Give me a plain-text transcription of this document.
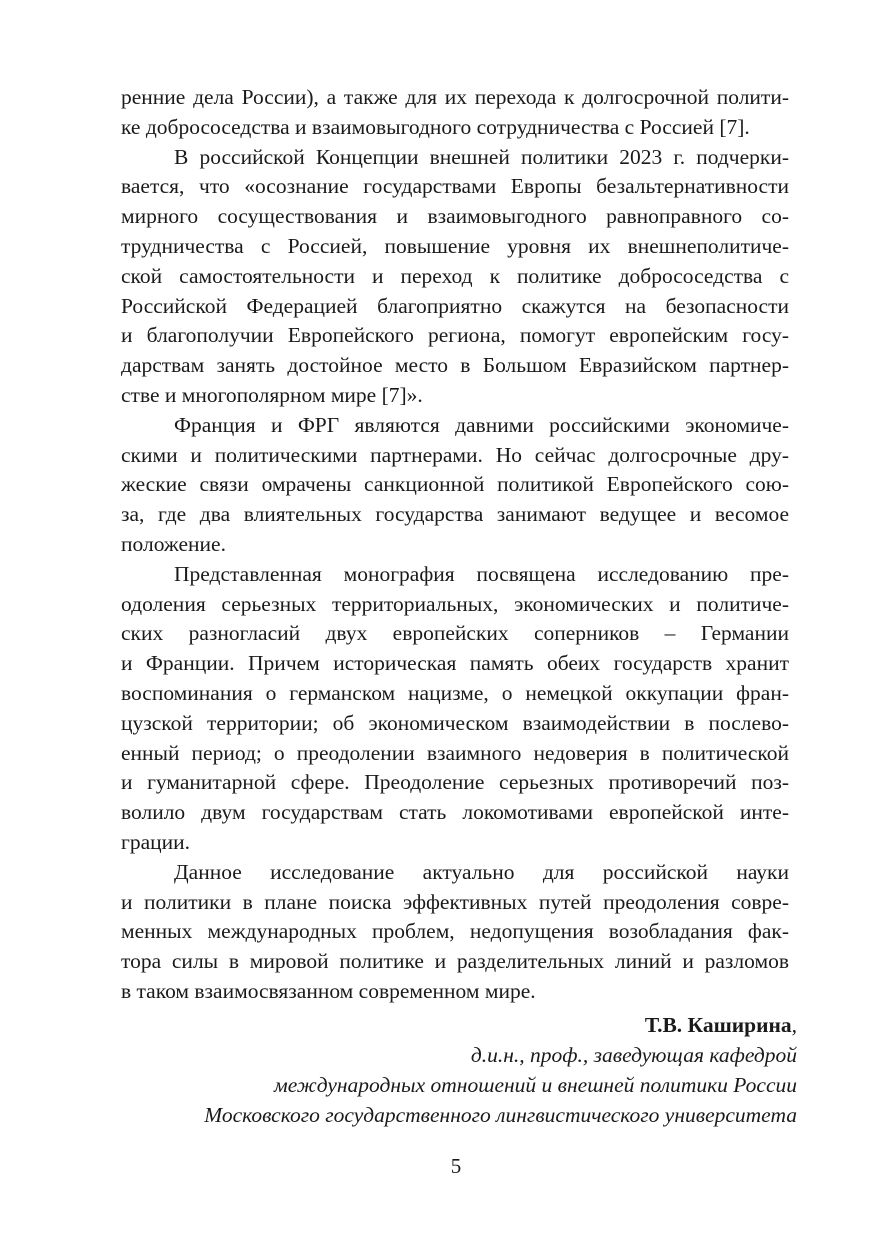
ренние дела России), а также для их перехода к долгосрочной полити-
ке добрососедства и взаимовыгодного сотрудничества с Россией [7].
В российской Концепции внешней политики 2023 г. подчерки-
вается, что «осознание государствами Европы безальтернативности
мирного сосуществования и взаимовыгодного равноправного со-
трудничества с Россией, повышение уровня их внешнеполитиче-
ской самостоятельности и переход к политике добрососедства с
Российской Федерацией благоприятно скажутся на безопасности
и благополучии Европейского региона, помогут европейским госу-
дарствам занять достойное место в Большом Евразийском партнер-
стве и многополярном мире [7]».
Франция и ФРГ являются давними российскими экономиче-
скими и политическими партнерами. Но сейчас долгосрочные дру-
жеские связи омрачены санкционной политикой Европейского сою-
за, где два влиятельных государства занимают ведущее и весомое
положение.
Представленная монография посвящена исследованию пре-
одоления серьезных территориальных, экономических и политиче-
ских разногласий двух европейских соперников – Германии
и Франции. Причем историческая память обеих государств хранит
воспоминания о германском нацизме, о немецкой оккупации фран-
цузской территории; об экономическом взаимодействии в послево-
енный период; о преодолении взаимного недоверия в политической
и гуманитарной сфере. Преодоление серьезных противоречий поз-
волило двум государствам стать локомотивами европейской инте-
грации.
Данное исследование актуально для российской науки
и политики в плане поиска эффективных путей преодоления совре-
менных международных проблем, недопущения возобладания фак-
тора силы в мировой политике и разделительных линий и разломов
в таком взаимосвязанном современном мире.
Т.В. Каширина,
д.и.н., проф., заведующая кафедрой
международных отношений и внешней политики России
Московского государственного лингвистического университета
5
